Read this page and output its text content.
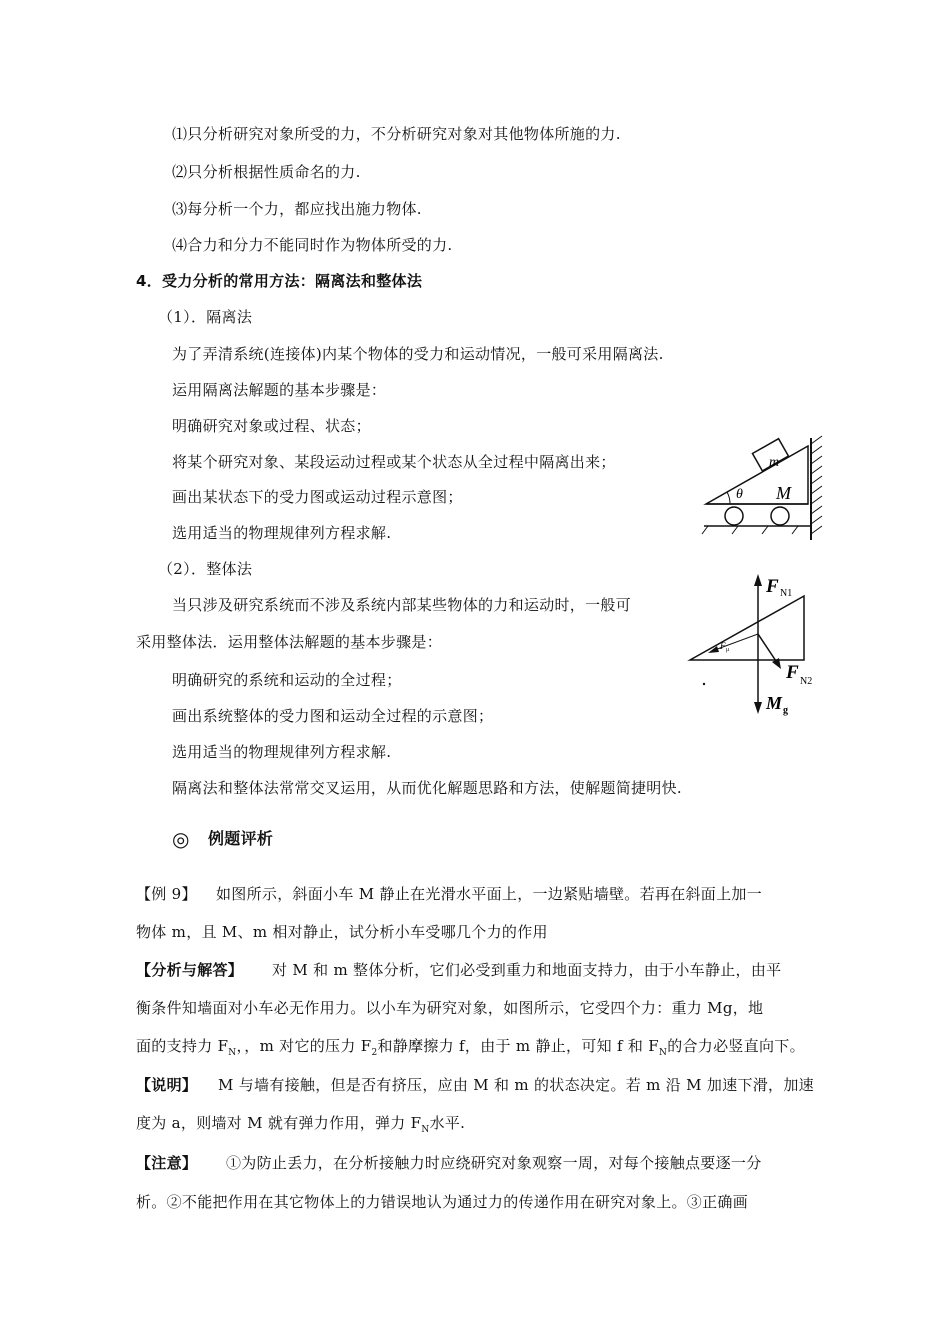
⑴只分析研究对象所受的力，不分析研究对象对其他物体所施的力.
⑵只分析根据性质命名的力.
⑶每分析一个力，都应找出施力物体.
⑷合力和分力不能同时作为物体所受的力.
4．受力分析的常用方法：隔离法和整体法
（1）．隔离法
为了弄清系统(连接体)内某个物体的受力和运动情况，一般可采用隔离法.
运用隔离法解题的基本步骤是：
明确研究对象或过程、状态；
将某个研究对象、某段运动过程或某个状态从全过程中隔离出来；
画出某状态下的受力图或运动过程示意图；
选用适当的物理规律列方程求解.
θ
m
M
（2）．整体法
当只涉及研究系统而不涉及系统内部某些物体的力和运动时，一般可
采用整体法．运用整体法解题的基本步骤是：
明确研究的系统和运动的全过程；
画出系统整体的受力图和运动全过程的示意图；
选用适当的物理规律列方程求解.
隔离法和整体法常常交叉运用，从而优化解题思路和方法，使解题简捷明快.
F N1
F N2
M g
F μ
◎ 例题评析
【例 9】 如图所示，斜面小车 M 静止在光滑水平面上，一边紧贴墙壁。若再在斜面上加一
物体 m，且 M、m 相对静止，试分析小车受哪几个力的作用
【分析与解答】 对 M 和 m 整体分析，它们必受到重力和地面支持力，由于小车静止，由平
衡条件知墙面对小车必无作用力。以小车为研究对象，如图所示，它受四个力：重力 Mg，地
面的支持力 $F_N$，，m 对它的压力 $F_2$和静摩擦力 f，由于 m 静止，可知 f 和 $F_N$的合力必竖直向下。
【说明】 M 与墙有接触，但是否有挤压，应由 M 和 m 的状态决定。若 m 沿 M 加速下滑，加速
度为 a，则墙对 M 就有弹力作用，弹力 $F_N$水平.
【注意】 ①为防止丢力，在分析接触力时应绕研究对象观察一周，对每个接触点要逐一分
析。②不能把作用在其它物体上的力错误地认为通过力的传递作用在研究对象上。③正确画
